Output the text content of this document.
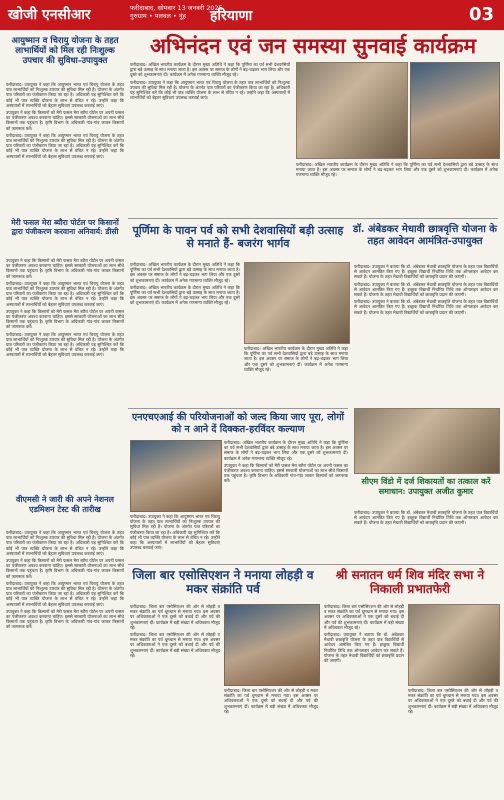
खोजी एनसीआर	फरीदाबाद, सोमवार 13 जनवरी 2025
गुरुग्राम • पलवल • नूंह	हरियाणा	03
अभिनंदन एवं जन समस्या सुनवाई कार्यक्रम
आयुष्मान व चिरायु योजना के तहत लाभार्थियों को मिल रही निःशुल्क उपचार की सुविधा-उपायुक्त

फरीदाबाद। उपायुक्त ने कहा कि आयुष्मान भारत एवं चिरायु योजना के तहत पात्र लाभार्थियों को निःशुल्क उपचार की सुविधा मिल रही है। योजना के अंतर्गत पात्र परिवारों का पंजीकरण किया जा रहा है। अधिकारी यह सुनिश्चित करें कि कोई भी पात्र व्यक्ति योजना के लाभ से वंचित न रहे। उन्होंने कहा कि अस्पतालों में लाभार्थियों को बेहतर सुविधाएं उपलब्ध करवाई जाएं।

उपायुक्त ने कहा कि किसानों को मेरी फसल मेरा ब्यौरा पोर्टल पर अपनी फसल का पंजीकरण अवश्य करवाना चाहिए। इससे सरकारी योजनाओं का लाभ सीधे किसानों तक पहुंचता है। कृषि विभाग के अधिकारी गांव-गांव जाकर किसानों को जागरूक करें।

फरीदाबाद। उपायुक्त ने कहा कि आयुष्मान भारत एवं चिरायु योजना के तहत पात्र लाभार्थियों को निःशुल्क उपचार की सुविधा मिल रही है। योजना के अंतर्गत पात्र परिवारों का पंजीकरण किया जा रहा है। अधिकारी यह सुनिश्चित करें कि कोई भी पात्र व्यक्ति योजना के लाभ से वंचित न रहे। उन्होंने कहा कि अस्पतालों में लाभार्थियों को बेहतर सुविधाएं उपलब्ध करवाई जाएं।

मेरी फसल मेरा ब्यौरा पोर्टल पर किसानों द्वारा पंजीकरण करवाना अनिवार्य: डीसी

उपायुक्त ने कहा कि किसानों को मेरी फसल मेरा ब्यौरा पोर्टल पर अपनी फसल का पंजीकरण अवश्य करवाना चाहिए। इससे सरकारी योजनाओं का लाभ सीधे किसानों तक पहुंचता है। कृषि विभाग के अधिकारी गांव-गांव जाकर किसानों को जागरूक करें।

फरीदाबाद। उपायुक्त ने कहा कि आयुष्मान भारत एवं चिरायु योजना के तहत पात्र लाभार्थियों को निःशुल्क उपचार की सुविधा मिल रही है। योजना के अंतर्गत पात्र परिवारों का पंजीकरण किया जा रहा है। अधिकारी यह सुनिश्चित करें कि कोई भी पात्र व्यक्ति योजना के लाभ से वंचित न रहे। उन्होंने कहा कि अस्पतालों में लाभार्थियों को बेहतर सुविधाएं उपलब्ध करवाई जाएं।

उपायुक्त ने कहा कि किसानों को मेरी फसल मेरा ब्यौरा पोर्टल पर अपनी फसल का पंजीकरण अवश्य करवाना चाहिए। इससे सरकारी योजनाओं का लाभ सीधे किसानों तक पहुंचता है। कृषि विभाग के अधिकारी गांव-गांव जाकर किसानों को जागरूक करें।

फरीदाबाद। उपायुक्त ने कहा कि आयुष्मान भारत एवं चिरायु योजना के तहत पात्र लाभार्थियों को निःशुल्क उपचार की सुविधा मिल रही है। योजना के अंतर्गत पात्र परिवारों का पंजीकरण किया जा रहा है। अधिकारी यह सुनिश्चित करें कि कोई भी पात्र व्यक्ति योजना के लाभ से वंचित न रहे। उन्होंने कहा कि अस्पतालों में लाभार्थियों को बेहतर सुविधाएं उपलब्ध करवाई जाएं।

फरीदाबाद। अखिल भारतीय कार्यक्रम के दौरान मुख्य अतिथि ने कहा कि पूर्णिमा का पर्व सभी देशवासियों द्वारा बड़े उत्साह के साथ मनाया जाता है। इस अवसर पर समाज के लोगों ने बढ़-चढ़कर भाग लिया और एक दूसरे को शुभकामनाएं दीं। कार्यक्रम में अनेक गणमान्य व्यक्ति मौजूद रहे।

फरीदाबाद। उपायुक्त ने कहा कि आयुष्मान भारत एवं चिरायु योजना के तहत पात्र लाभार्थियों को निःशुल्क उपचार की सुविधा मिल रही है। योजना के अंतर्गत पात्र परिवारों का पंजीकरण किया जा रहा है। अधिकारी यह सुनिश्चित करें कि कोई भी पात्र व्यक्ति योजना के लाभ से वंचित न रहे। उन्होंने कहा कि अस्पतालों में लाभार्थियों को बेहतर सुविधाएं उपलब्ध करवाई जाएं।

फरीदाबाद। अखिल भारतीय कार्यक्रम के दौरान मुख्य अतिथि ने कहा कि पूर्णिमा का पर्व सभी देशवासियों द्वारा बड़े उत्साह के साथ मनाया जाता है। इस अवसर पर समाज के लोगों ने बढ़-चढ़कर भाग लिया और एक दूसरे को शुभकामनाएं दीं। कार्यक्रम में अनेक गणमान्य व्यक्ति मौजूद रहे।

पूर्णिमा के पावन पर्व को सभी देशवासियों बड़ी उत्साह से मनाते हैं- बजरंग भार्गव

फरीदाबाद। अखिल भारतीय कार्यक्रम के दौरान मुख्य अतिथि ने कहा कि पूर्णिमा का पर्व सभी देशवासियों द्वारा बड़े उत्साह के साथ मनाया जाता है। इस अवसर पर समाज के लोगों ने बढ़-चढ़कर भाग लिया और एक दूसरे को शुभकामनाएं दीं। कार्यक्रम में अनेक गणमान्य व्यक्ति मौजूद रहे।

फरीदाबाद। अखिल भारतीय कार्यक्रम के दौरान मुख्य अतिथि ने कहा कि पूर्णिमा का पर्व सभी देशवासियों द्वारा बड़े उत्साह के साथ मनाया जाता है। इस अवसर पर समाज के लोगों ने बढ़-चढ़कर भाग लिया और एक दूसरे को शुभकामनाएं दीं। कार्यक्रम में अनेक गणमान्य व्यक्ति मौजूद रहे।

फरीदाबाद। अखिल भारतीय कार्यक्रम के दौरान मुख्य अतिथि ने कहा कि पूर्णिमा का पर्व सभी देशवासियों द्वारा बड़े उत्साह के साथ मनाया जाता है। इस अवसर पर समाज के लोगों ने बढ़-चढ़कर भाग लिया और एक दूसरे को शुभकामनाएं दीं। कार्यक्रम में अनेक गणमान्य व्यक्ति मौजूद रहे।

डॉ. अंबेडकर मेधावी छात्रवृत्ति योजना के तहत आवेदन आमंत्रित-उपायुक्त

फरीदाबाद। उपायुक्त ने बताया कि डॉ. अंबेडकर मेधावी छात्रवृत्ति योजना के तहत पात्र विद्यार्थियों से आवेदन आमंत्रित किए गए हैं। इच्छुक विद्यार्थी निर्धारित तिथि तक ऑनलाइन आवेदन कर सकते हैं। योजना के तहत मेधावी विद्यार्थियों को छात्रवृत्ति प्रदान की जाएगी।

फरीदाबाद। उपायुक्त ने बताया कि डॉ. अंबेडकर मेधावी छात्रवृत्ति योजना के तहत पात्र विद्यार्थियों से आवेदन आमंत्रित किए गए हैं। इच्छुक विद्यार्थी निर्धारित तिथि तक ऑनलाइन आवेदन कर सकते हैं। योजना के तहत मेधावी विद्यार्थियों को छात्रवृत्ति प्रदान की जाएगी।

फरीदाबाद। उपायुक्त ने बताया कि डॉ. अंबेडकर मेधावी छात्रवृत्ति योजना के तहत पात्र विद्यार्थियों से आवेदन आमंत्रित किए गए हैं। इच्छुक विद्यार्थी निर्धारित तिथि तक ऑनलाइन आवेदन कर सकते हैं। योजना के तहत मेधावी विद्यार्थियों को छात्रवृत्ति प्रदान की जाएगी।

एनएचएआई की परियोजनाओं को जल्द किया जाए पूरा, लोगों को न आने दें दिक्कत-हरविंदर कल्याण

फरीदाबाद। अखिल भारतीय कार्यक्रम के दौरान मुख्य अतिथि ने कहा कि पूर्णिमा का पर्व सभी देशवासियों द्वारा बड़े उत्साह के साथ मनाया जाता है। इस अवसर पर समाज के लोगों ने बढ़-चढ़कर भाग लिया और एक दूसरे को शुभकामनाएं दीं। कार्यक्रम में अनेक गणमान्य व्यक्ति मौजूद रहे।

उपायुक्त ने कहा कि किसानों को मेरी फसल मेरा ब्यौरा पोर्टल पर अपनी फसल का पंजीकरण अवश्य करवाना चाहिए। इससे सरकारी योजनाओं का लाभ सीधे किसानों तक पहुंचता है। कृषि विभाग के अधिकारी गांव-गांव जाकर किसानों को जागरूक करें।

फरीदाबाद। उपायुक्त ने कहा कि आयुष्मान भारत एवं चिरायु योजना के तहत पात्र लाभार्थियों को निःशुल्क उपचार की सुविधा मिल रही है। योजना के अंतर्गत पात्र परिवारों का पंजीकरण किया जा रहा है। अधिकारी यह सुनिश्चित करें कि कोई भी पात्र व्यक्ति योजना के लाभ से वंचित न रहे। उन्होंने कहा कि अस्पतालों में लाभार्थियों को बेहतर सुविधाएं उपलब्ध करवाई जाएं।

सीएम विंडो में दर्ज शिकायतों का तत्काल करें समाधान: उपायुक्त अजीत कुमार

फरीदाबाद। उपायुक्त ने बताया कि डॉ. अंबेडकर मेधावी छात्रवृत्ति योजना के तहत पात्र विद्यार्थियों से आवेदन आमंत्रित किए गए हैं। इच्छुक विद्यार्थी निर्धारित तिथि तक ऑनलाइन आवेदन कर सकते हैं। योजना के तहत मेधावी विद्यार्थियों को छात्रवृत्ति प्रदान की जाएगी।

वीएमसी ने जारी की अपने नेशनल एडमिशन टेस्ट की तारीख

फरीदाबाद। उपायुक्त ने कहा कि आयुष्मान भारत एवं चिरायु योजना के तहत पात्र लाभार्थियों को निःशुल्क उपचार की सुविधा मिल रही है। योजना के अंतर्गत पात्र परिवारों का पंजीकरण किया जा रहा है। अधिकारी यह सुनिश्चित करें कि कोई भी पात्र व्यक्ति योजना के लाभ से वंचित न रहे। उन्होंने कहा कि अस्पतालों में लाभार्थियों को बेहतर सुविधाएं उपलब्ध करवाई जाएं।

उपायुक्त ने कहा कि किसानों को मेरी फसल मेरा ब्यौरा पोर्टल पर अपनी फसल का पंजीकरण अवश्य करवाना चाहिए। इससे सरकारी योजनाओं का लाभ सीधे किसानों तक पहुंचता है। कृषि विभाग के अधिकारी गांव-गांव जाकर किसानों को जागरूक करें।

फरीदाबाद। उपायुक्त ने कहा कि आयुष्मान भारत एवं चिरायु योजना के तहत पात्र लाभार्थियों को निःशुल्क उपचार की सुविधा मिल रही है। योजना के अंतर्गत पात्र परिवारों का पंजीकरण किया जा रहा है। अधिकारी यह सुनिश्चित करें कि कोई भी पात्र व्यक्ति योजना के लाभ से वंचित न रहे। उन्होंने कहा कि अस्पतालों में लाभार्थियों को बेहतर सुविधाएं उपलब्ध करवाई जाएं।

उपायुक्त ने कहा कि किसानों को मेरी फसल मेरा ब्यौरा पोर्टल पर अपनी फसल का पंजीकरण अवश्य करवाना चाहिए। इससे सरकारी योजनाओं का लाभ सीधे किसानों तक पहुंचता है। कृषि विभाग के अधिकारी गांव-गांव जाकर किसानों को जागरूक करें।

जिला बार एसोसिएशन ने मनाया लोहड़ी व मकर संक्रांति पर्व
श्री सनातन धर्म शिव मंदिर सभा ने निकाली प्रभातफेरी

फरीदाबाद। जिला बार एसोसिएशन की ओर से लोहड़ी व मकर संक्रांति का पर्व धूमधाम से मनाया गया। इस अवसर पर अधिवक्ताओं ने एक दूसरे को बधाई दी और पर्व की शुभकामनाएं दीं। कार्यक्रम में बड़ी संख्या में अधिवक्ता मौजूद रहे।

फरीदाबाद। जिला बार एसोसिएशन की ओर से लोहड़ी व मकर संक्रांति का पर्व धूमधाम से मनाया गया। इस अवसर पर अधिवक्ताओं ने एक दूसरे को बधाई दी और पर्व की शुभकामनाएं दीं। कार्यक्रम में बड़ी संख्या में अधिवक्ता मौजूद रहे।

फरीदाबाद। जिला बार एसोसिएशन की ओर से लोहड़ी व मकर संक्रांति का पर्व धूमधाम से मनाया गया। इस अवसर पर अधिवक्ताओं ने एक दूसरे को बधाई दी और पर्व की शुभकामनाएं दीं। कार्यक्रम में बड़ी संख्या में अधिवक्ता मौजूद रहे।

फरीदाबाद। जिला बार एसोसिएशन की ओर से लोहड़ी व मकर संक्रांति का पर्व धूमधाम से मनाया गया। इस अवसर पर अधिवक्ताओं ने एक दूसरे को बधाई दी और पर्व की शुभकामनाएं दीं। कार्यक्रम में बड़ी संख्या में अधिवक्ता मौजूद रहे।

फरीदाबाद। उपायुक्त ने बताया कि डॉ. अंबेडकर मेधावी छात्रवृत्ति योजना के तहत पात्र विद्यार्थियों से आवेदन आमंत्रित किए गए हैं। इच्छुक विद्यार्थी निर्धारित तिथि तक ऑनलाइन आवेदन कर सकते हैं। योजना के तहत मेधावी विद्यार्थियों को छात्रवृत्ति प्रदान की जाएगी।

फरीदाबाद। जिला बार एसोसिएशन की ओर से लोहड़ी व मकर संक्रांति का पर्व धूमधाम से मनाया गया। इस अवसर पर अधिवक्ताओं ने एक दूसरे को बधाई दी और पर्व की शुभकामनाएं दीं। कार्यक्रम में बड़ी संख्या में अधिवक्ता मौजूद रहे।
